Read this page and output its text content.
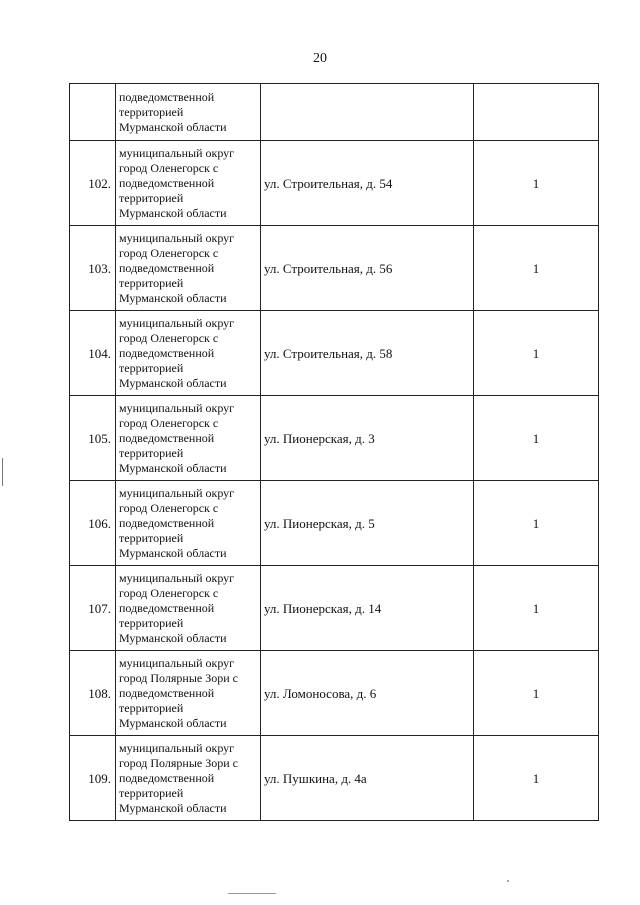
20

	подведомственной
территорией
Мурманской области		

102.	муниципальный округ
город Оленегорск с
подведомственной
территорией
Мурманской области	ул. Строительная, д. 54	1
103.	муниципальный округ
город Оленегорск с
подведомственной
территорией
Мурманской области	ул. Строительная, д. 56	1
104.	муниципальный округ
город Оленегорск с
подведомственной
территорией
Мурманской области	ул. Строительная, д. 58	1
105.	муниципальный округ
город Оленегорск с
подведомственной
территорией
Мурманской области	ул. Пионерская, д. 3	1
106.	муниципальный округ
город Оленегорск с
подведомственной
территорией
Мурманской области	ул. Пионерская, д. 5	1
107.	муниципальный округ
город Оленегорск с
подведомственной
территорией
Мурманской области	ул. Пионерская, д. 14	1
108.	муниципальный округ
город Полярные Зори с
подведомственной
территорией
Мурманской области	ул. Ломоносова, д. 6	1
109.	муниципальный округ
город Полярные Зори с
подведомственной
территорией
Мурманской области	ул. Пушкина, д. 4а	1
